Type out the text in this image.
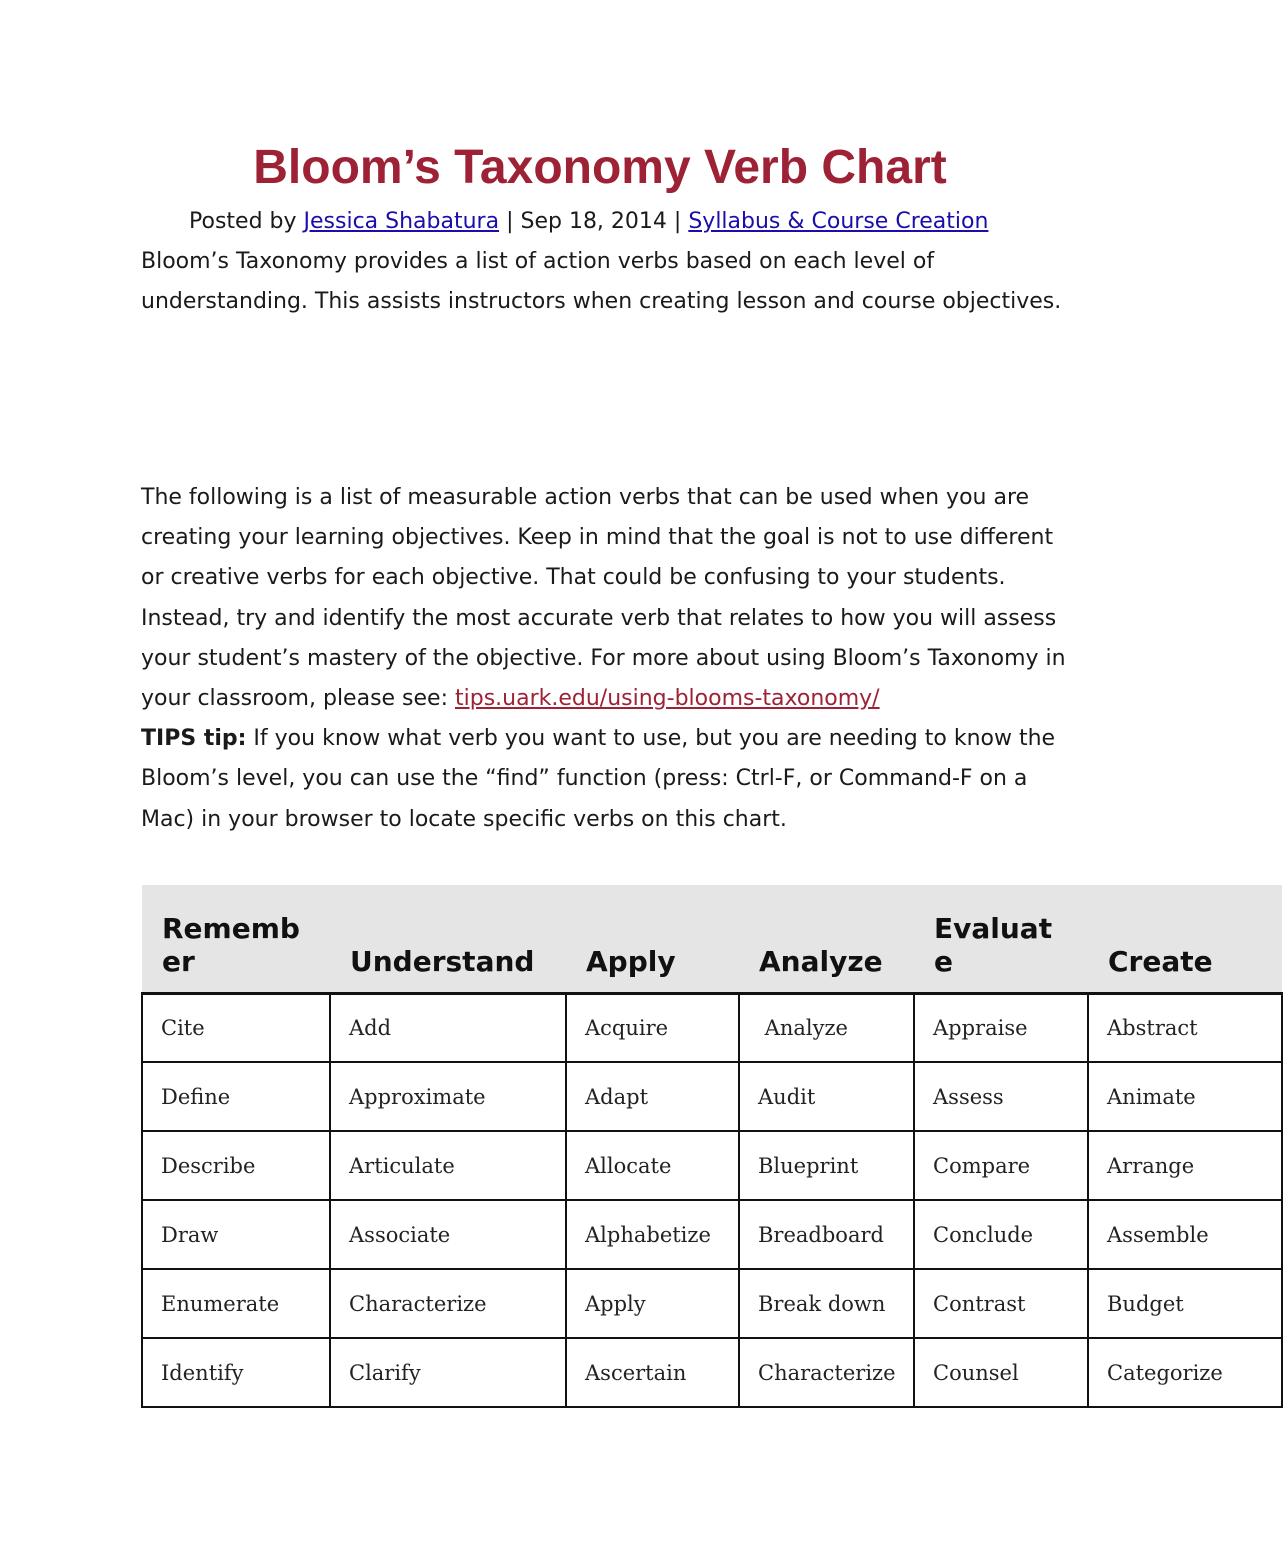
Bloom’s Taxonomy Verb Chart
Posted by Jessica Shabatura | Sep 18, 2014 | Syllabus & Course Creation

Bloom’s Taxonomy provides a list of action verbs based on each level of understanding. This assists instructors when creating lesson and course objectives.

The following is a list of measurable action verbs that can be used when you are creating your learning objectives. Keep in mind that the goal is not to use different or creative verbs for each objective. That could be confusing to your students. Instead, try and identify the most accurate verb that relates to how you will assess your student’s mastery of the objective. For more about using Bloom’s Taxonomy in your classroom, please see: tips.uark.edu/using-blooms-taxonomy/
TIPS tip: If you know what verb you want to use, but you are needing to know the Bloom’s level, you can use the “find” function (press: Ctrl-F, or Command-F on a Mac) in your browser to locate specific verbs on this chart.

Remember	Understand	Apply	Analyze	Evaluate	Create
Cite	Add	Acquire	Analyze	Appraise	Abstract
Define	Approximate	Adapt	Audit	Assess	Animate
Describe	Articulate	Allocate	Blueprint	Compare	Arrange
Draw	Associate	Alphabetize	Breadboard	Conclude	Assemble
Enumerate	Characterize	Apply	Break down	Contrast	Budget
Identify	Clarify	Ascertain	Characterize	Counsel	Categorize
